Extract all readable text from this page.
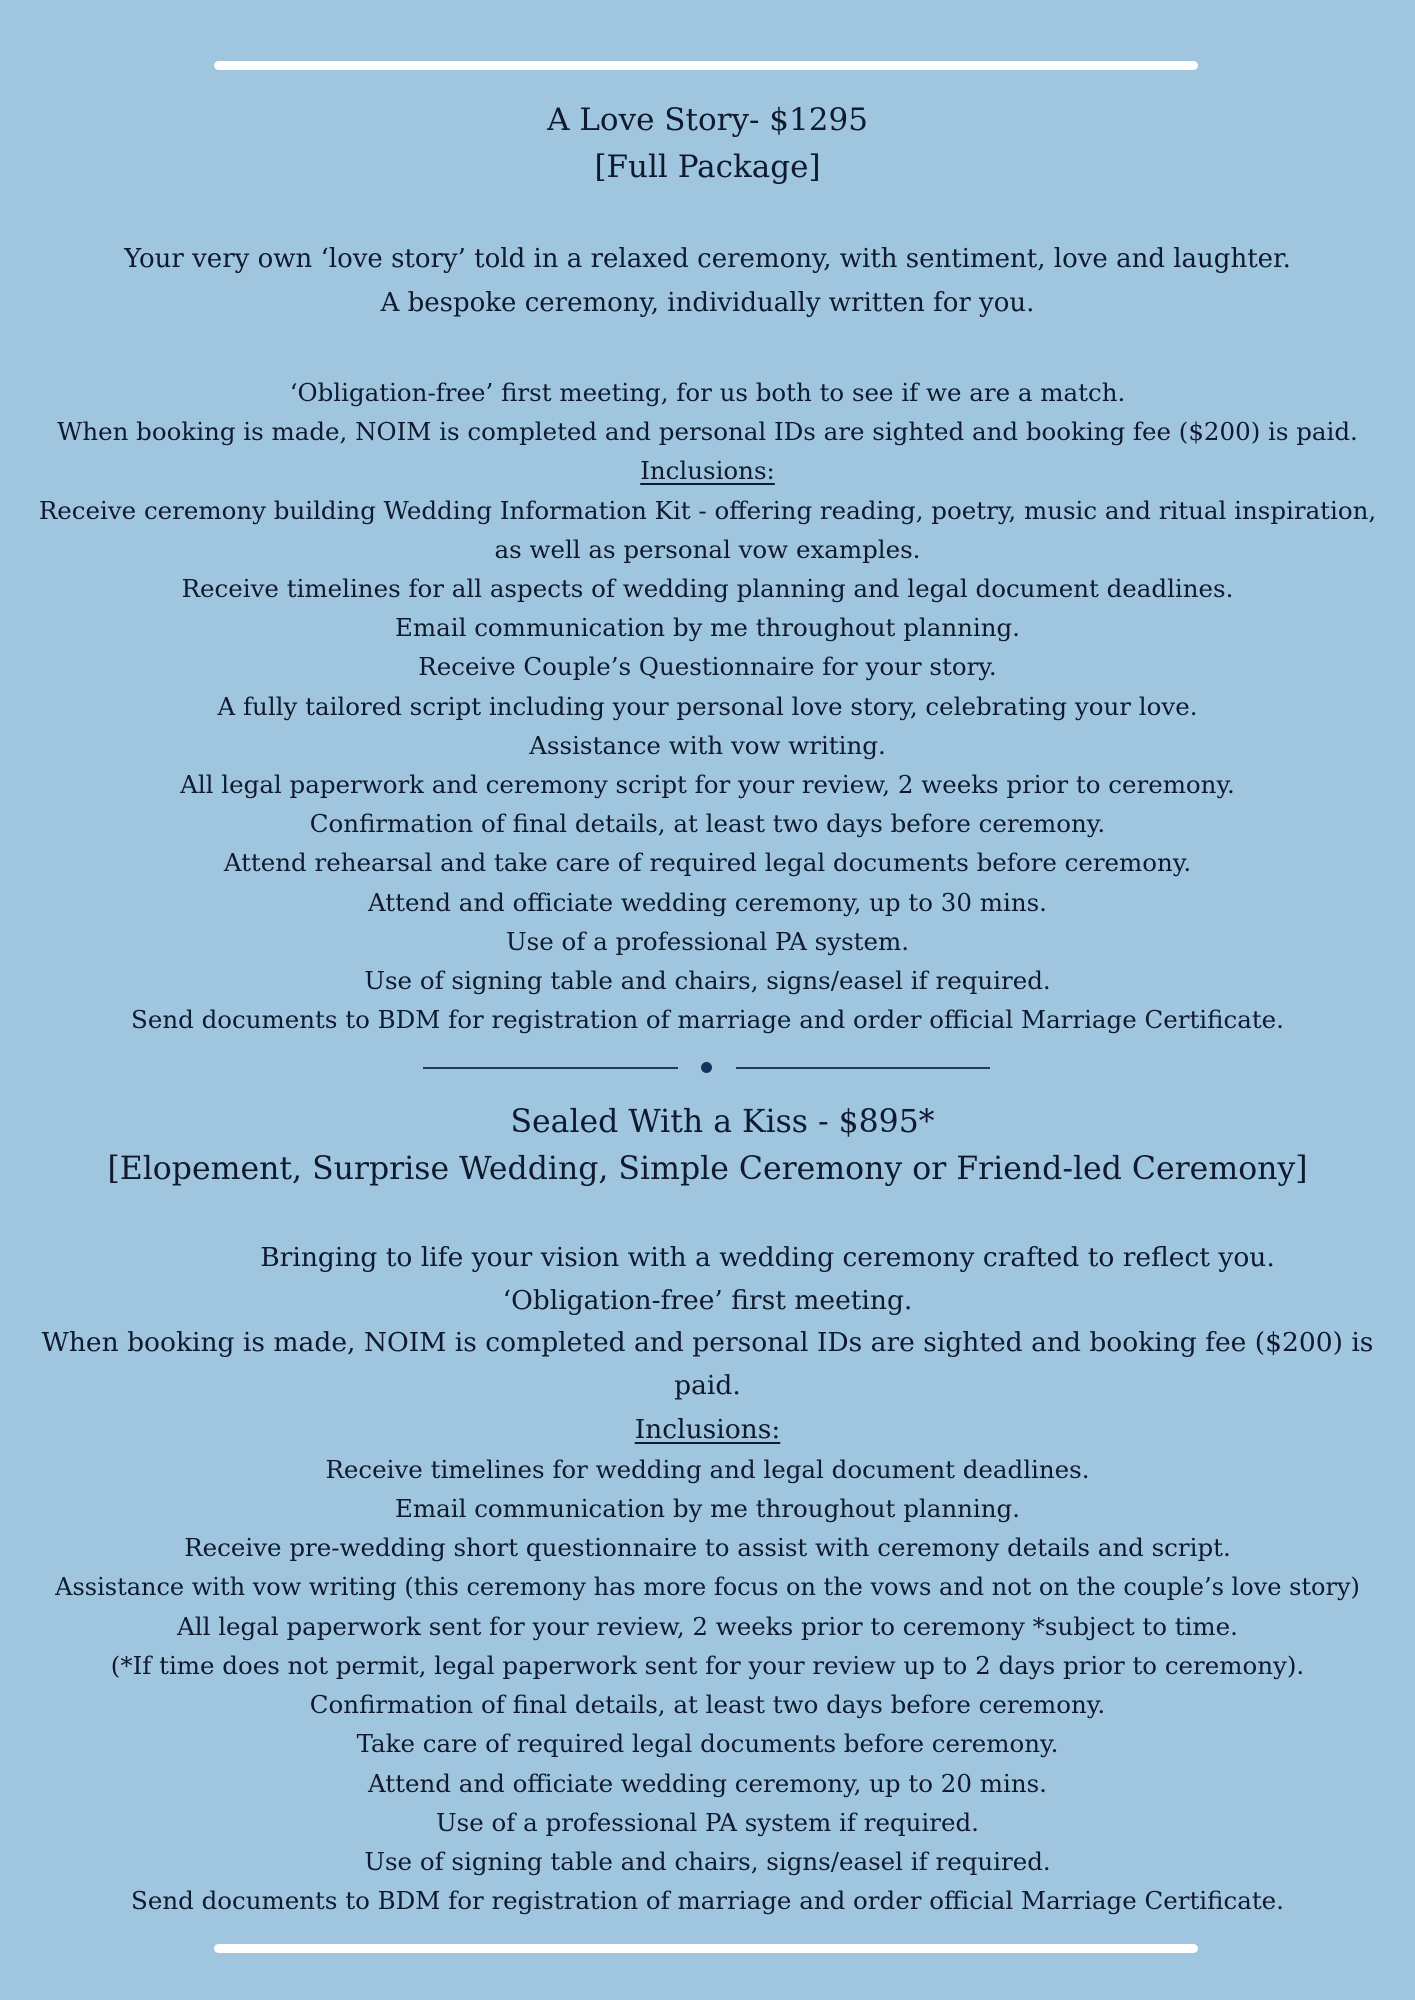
A Love Story- $1295
[Full Package]
Your very own ‘love story’ told in a relaxed ceremony, with sentiment, love and laughter.
A bespoke ceremony, individually written for you.
‘Obligation-free’ first meeting, for us both to see if we are a match.
When booking is made, NOIM is completed and personal IDs are sighted and booking fee ($200) is paid.
Inclusions:
Receive ceremony building Wedding Information Kit - offering reading, poetry, music and ritual inspiration,
as well as personal vow examples.
Receive timelines for all aspects of wedding planning and legal document deadlines.
Email communication by me throughout planning.
Receive Couple’s Questionnaire for your story.
A fully tailored script including your personal love story, celebrating your love.
Assistance with vow writing.
All legal paperwork and ceremony script for your review, 2 weeks prior to ceremony.
Confirmation of final details, at least two days before ceremony.
Attend rehearsal and take care of required legal documents before ceremony.
Attend and officiate wedding ceremony, up to 30 mins.
Use of a professional PA system.
Use of signing table and chairs, signs/easel if required.
Send documents to BDM for registration of marriage and order official Marriage Certificate.
Sealed With a Kiss - $895*
[Elopement, Surprise Wedding, Simple Ceremony or Friend-led Ceremony]
Bringing to life your vision with a wedding ceremony crafted to reflect you.
‘Obligation-free’ first meeting.
When booking is made, NOIM is completed and personal IDs are sighted and booking fee ($200) is
paid.
Inclusions:
Receive timelines for wedding and legal document deadlines.
Email communication by me throughout planning.
Receive pre-wedding short questionnaire to assist with ceremony details and script.
Assistance with vow writing (this ceremony has more focus on the vows and not on the couple’s love story)
All legal paperwork sent for your review, 2 weeks prior to ceremony *subject to time.
(*If time does not permit, legal paperwork sent for your review up to 2 days prior to ceremony).
Confirmation of final details, at least two days before ceremony.
Take care of required legal documents before ceremony.
Attend and officiate wedding ceremony, up to 20 mins.
Use of a professional PA system if required.
Use of signing table and chairs, signs/easel if required.
Send documents to BDM for registration of marriage and order official Marriage Certificate.
